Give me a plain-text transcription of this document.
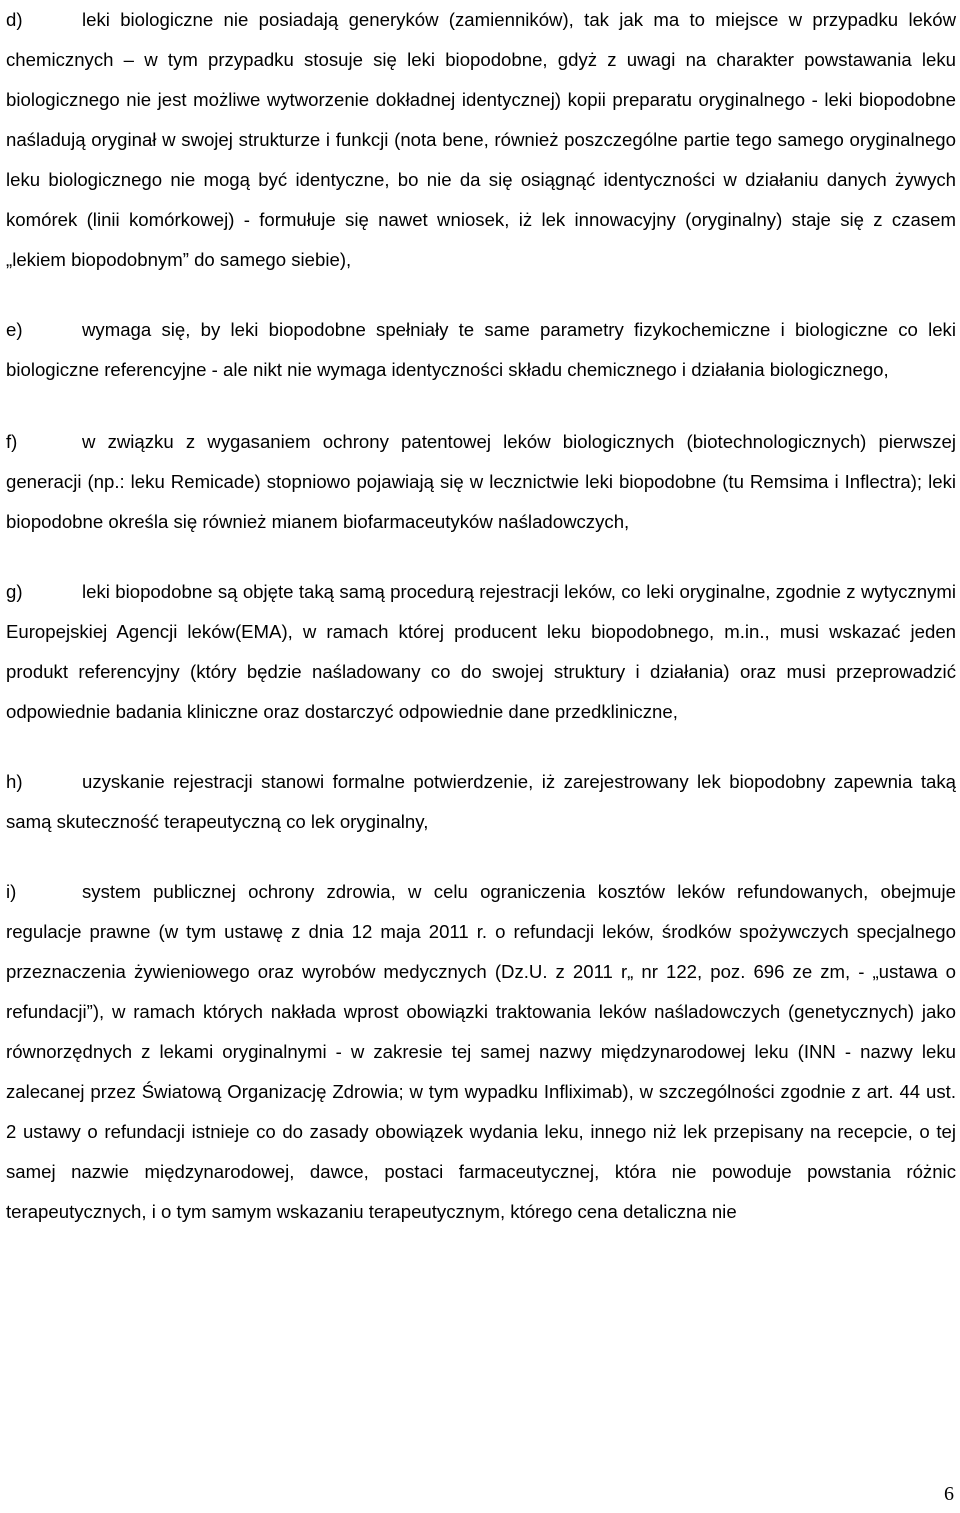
d)	leki biologiczne nie posiadają generyków (zamienników), tak jak ma to miejsce w przypadku leków chemicznych – w tym przypadku stosuje się leki biopodobne, gdyż z uwagi na charakter powstawania leku biologicznego nie jest możliwe wytworzenie dokładnej identycznej) kopii preparatu oryginalnego - leki biopodobne naśladują oryginał w swojej strukturze i funkcji (nota bene, również poszczególne partie tego samego oryginalnego leku biologicznego nie mogą być identyczne, bo nie da się osiągnąć identyczności w działaniu danych żywych komórek (linii komórkowej) - formułuje się nawet wniosek, iż lek innowacyjny (oryginalny) staje się z czasem „lekiem biopodobnym” do samego siebie),

e)	wymaga się, by leki biopodobne spełniały te same parametry fizykochemiczne i biologiczne co leki biologiczne referencyjne - ale nikt nie wymaga identyczności składu chemicznego i działania biologicznego,

f)	w związku z wygasaniem ochrony patentowej leków biologicznych (biotechnologicznych) pierwszej generacji (np.: leku Remicade) stopniowo pojawiają się w lecznictwie leki biopodobne (tu Remsima i Inflectra); leki biopodobne określa się również mianem biofarmaceutyków naśladowczych,

g)	leki biopodobne są objęte taką samą procedurą rejestracji leków, co leki oryginalne, zgodnie z wytycznymi Europejskiej Agencji leków(EMA), w ramach której producent leku biopodobnego, m.in., musi wskazać jeden produkt referencyjny (który będzie naśladowany co do swojej struktury i działania) oraz musi przeprowadzić odpowiednie badania kliniczne oraz dostarczyć odpowiednie dane przedkliniczne,

h)	uzyskanie rejestracji stanowi formalne potwierdzenie, iż zarejestrowany lek biopodobny zapewnia taką samą skuteczność terapeutyczną co lek oryginalny,

i)	system publicznej ochrony zdrowia, w celu ograniczenia kosztów leków refundowanych, obejmuje regulacje prawne (w tym ustawę z dnia 12 maja 2011 r. o refundacji leków, środków spożywczych specjalnego przeznaczenia żywieniowego oraz wyrobów medycznych (Dz.U. z 2011 r„ nr 122, poz. 696 ze zm, - „ustawa o refundacji”), w ramach których nakłada wprost obowiązki traktowania leków naśladowczych (genetycznych) jako równorzędnych z lekami oryginalnymi - w zakresie tej samej nazwy międzynarodowej leku (INN - nazwy leku zalecanej przez Światową Organizację Zdrowia; w tym wypadku Infliximab), w szczególności zgodnie z art. 44 ust. 2 ustawy o refundacji istnieje co do zasady obowiązek wydania leku, innego niż lek przepisany na recepcie, o tej samej nazwie międzynarodowej, dawce, postaci farmaceutycznej, która nie powoduje powstania różnic terapeutycznych, i o tym samym wskazaniu terapeutycznym, którego cena detaliczna nie

6
